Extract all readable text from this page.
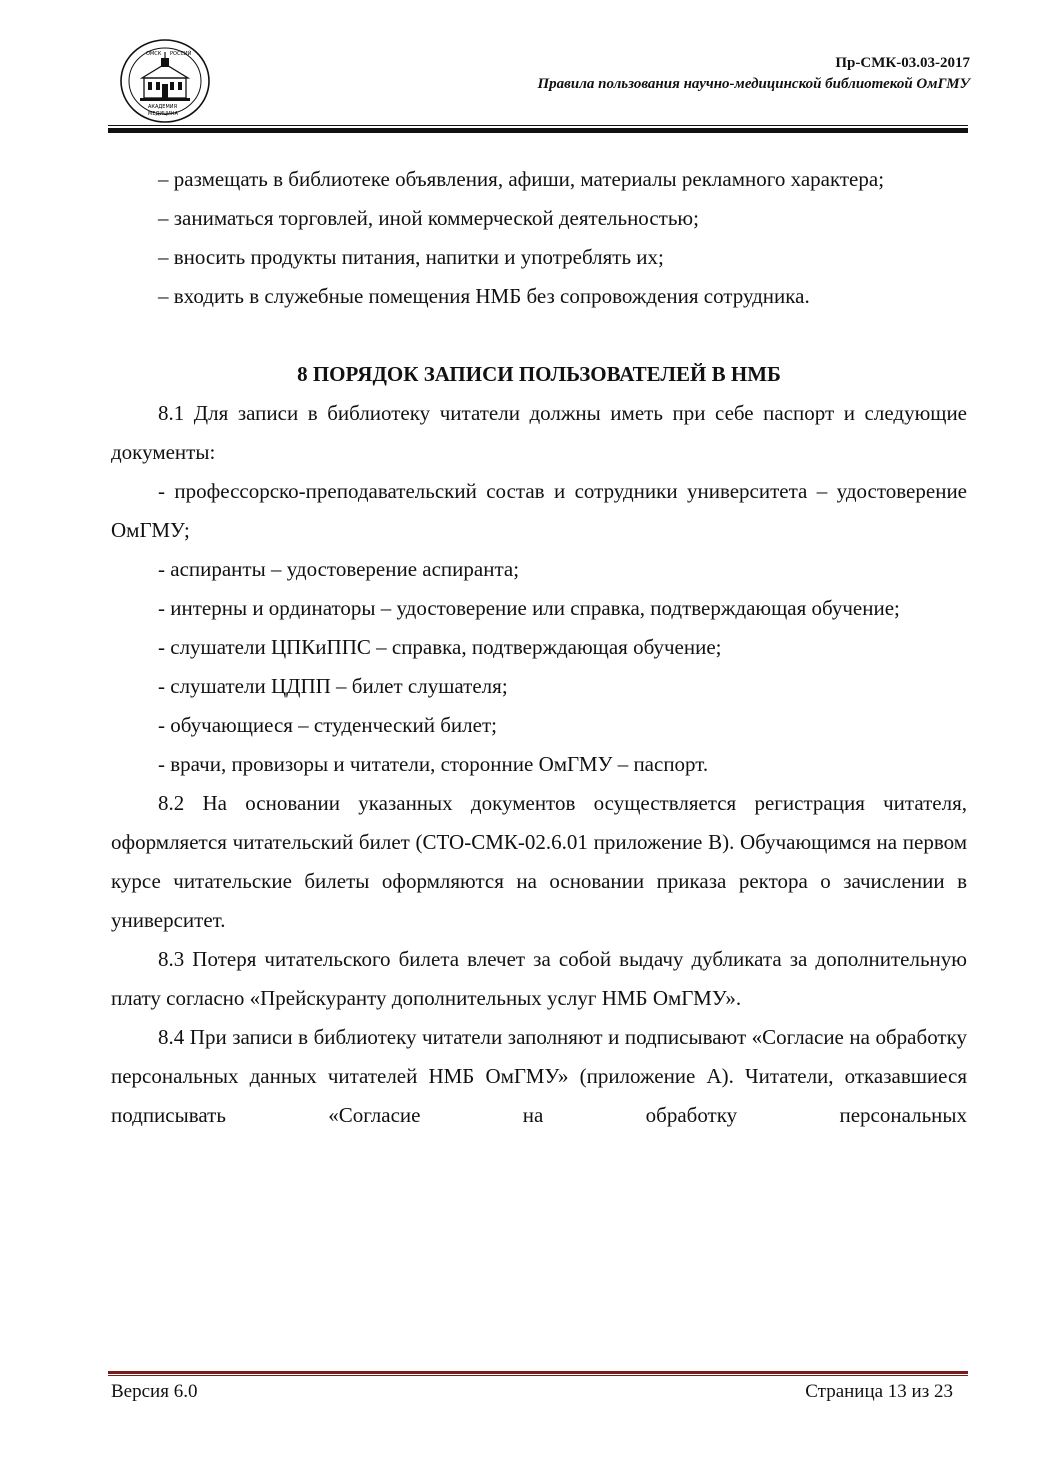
ОМСК РОССИЙ
АКАДЕМИЯ
МЕДИЦИНА
Пр-СМК-03.03-2017
Правила пользования научно-медицинской библиотекой ОмГМУ

– размещать в библиотеке объявления, афиши, материалы рекламного характера;

– заниматься торговлей, иной коммерческой деятельностью;

– вносить продукты питания, напитки и употреблять их;

– входить в служебные помещения НМБ без сопровождения сотрудника.

8 ПОРЯДОК ЗАПИСИ ПОЛЬЗОВАТЕЛЕЙ В НМБ

8.1 Для записи в библиотеку читатели должны иметь при себе паспорт и следующие документы:

- профессорско-преподавательский состав и сотрудники университета – удостоверение ОмГМУ;

- аспиранты – удостоверение аспиранта;

- интерны и ординаторы – удостоверение или справка, подтверждающая обучение;

- слушатели ЦПКиППС – справка, подтверждающая обучение;

- слушатели ЦДПП – билет слушателя;

- обучающиеся – студенческий билет;

- врачи, провизоры и читатели, сторонние ОмГМУ – паспорт.

8.2 На основании указанных документов осуществляется регистрация читателя, оформляется читательский билет (СТО-СМК-02.6.01 приложение В). Обучающимся на первом курсе читательские билеты оформляются на основании приказа ректора о зачислении в университет.

8.3 Потеря читательского билета влечет за собой выдачу дубликата за дополнительную плату согласно «Прейскуранту дополнительных услуг НМБ ОмГМУ».

8.4 При записи в библиотеку читатели заполняют и подписывают «Согласие на обработку персональных данных читателей НМБ ОмГМУ» (приложение А). Читатели, отказавшиеся подписывать «Согласие на обработку персональных

Версия 6.0	Страница 13 из 23
